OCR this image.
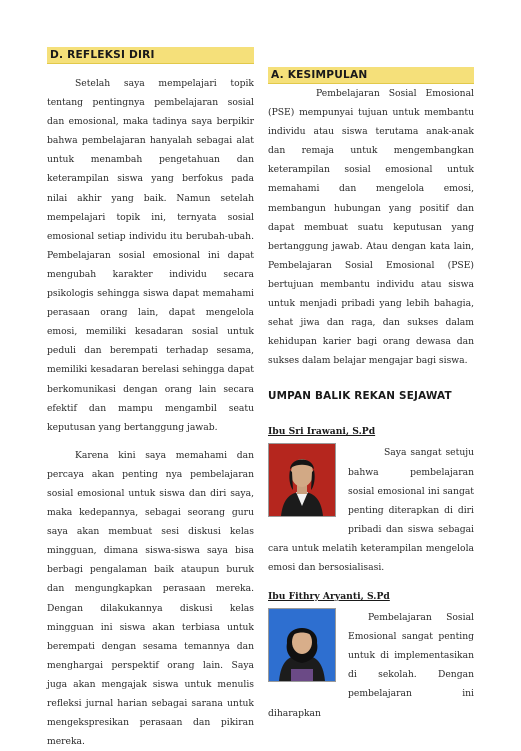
D. REFLEKSI DIRI

Setelah saya mempelajari topik tentang pentingnya pembelajaran sosial dan emosional, maka tadinya saya berpikir bahwa pembelajaran hanyalah sebagai alat untuk menambah pengetahuan dan keterampilan siswa yang berfokus pada nilai akhir yang baik. Namun setelah mempelajari topik ini, ternyata sosial emosional setiap individu itu berubah-ubah. Pembelajaran sosial emosional ini dapat mengubah karakter individu secara psikologis sehingga siswa dapat memahami perasaan orang lain, dapat mengelola emosi, memiliki kesadaran sosial untuk peduli dan berempati terhadap sesama, memiliki kesadaran berelasi sehingga dapat berkomunikasi dengan orang lain secara efektif dan mampu mengambil seatu keputusan yang bertanggung jawab.

Karena kini saya memahami dan percaya akan penting nya pembelajaran sosial emosional untuk siswa dan diri saya, maka kedepannya, sebagai seorang guru saya akan membuat sesi diskusi kelas mingguan, dimana siswa-siswa saya bisa berbagi pengalaman baik ataupun buruk dan mengungkapkan perasaan mereka. Dengan dilakukannya diskusi kelas mingguan ini siswa akan terbiasa untuk berempati dengan sesama temannya dan menghargai perspektif orang lain. Saya juga akan mengajak siswa untuk menulis refleksi jurnal harian sebagai sarana untuk mengekspresikan perasaan dan pikiran mereka.

A. KESIMPULAN

Pembelajaran Sosial Emosional (PSE) mempunyai tujuan untuk membantu individu atau siswa terutama anak-anak dan remaja untuk mengembangkan keterampilan sosial emosional untuk memahami dan mengelola emosi, membangun hubungan yang positif dan dapat membuat suatu keputusan yang bertanggung jawab. Atau dengan kata lain, Pembelajaran Sosial Emosional (PSE) bertujuan membantu individu atau siswa untuk menjadi pribadi yang lebih bahagia, sehat jiwa dan raga, dan sukses dalam kehidupan karier bagi orang dewasa dan sukses dalam belajar mengajar bagi siswa.

UMPAN BALIK REKAN SEJAWAT
Ibu Sri Irawani, S.Pd

Saya sangat setuju bahwa pembelajaran sosial emosional ini sangat penting diterapkan di diri pribadi dan siswa sebagai cara untuk melatih keterampilan mengelola emosi dan bersosialisasi.

Ibu Fithry Aryanti, S.Pd

Pembelajaran Sosial Emosional sangat penting untuk di implementasikan di sekolah. Dengan pembelajaran ini diharapkan
